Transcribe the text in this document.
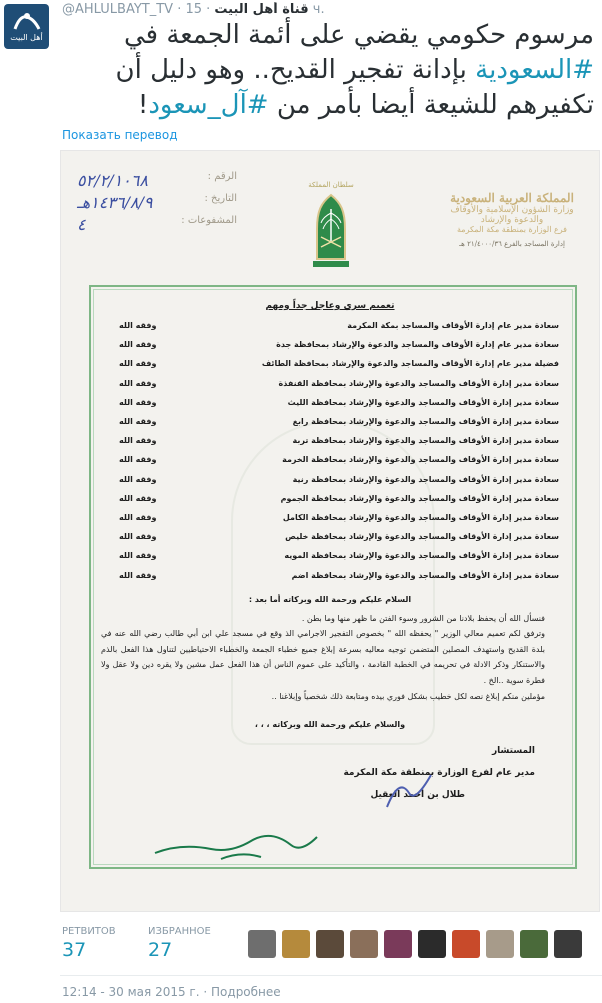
أهل البيت
@AHLULBAYT_TV · قناة أهل البيت · 15 ч.
مرسوم حكومي يقضي على أئمة الجمعة في #السعودية بإدانة تفجير القديح.. وهو دليل أن تكفيرهم للشيعة أيضا بأمر من #آل_سعود!
Показать перевод
الرقم :
٥٢/٢/١٠٦٨
التاريخ :
١٤٣٦/٨/٩هـ
المشفوعات :
٤
سلطان المملكة
المملكة العربية السعودية
وزارة الشؤون الإسلامية والأوقاف
والدعوة والإرشاد
فرع الوزارة بمنطقة مكة المكرمة
إدارة المساجد بالفرع ٢١/٤٠٠٠/٣٦ هـ
تعميم سري وعاجل جداً ومهم
سعادة مدير عام إدارة الأوقاف والمساجد بمكة المكرمة
وفقه الله
سعادة مدير عام إدارة الأوقاف والمساجد والدعوة والإرشاد بمحافظة جدة
وفقه الله
فضيلة مدير عام إدارة الأوقاف والمساجد والدعوة والإرشاد بمحافظة الطائف
وفقه الله
سعادة مدير إدارة الأوقاف والمساجد والدعوة والإرشاد بمحافظة القنفذة
وفقه الله
سعادة مدير إدارة الأوقاف والمساجد والدعوة والإرشاد بمحافظة الليث
وفقه الله
سعادة مدير إدارة الأوقاف والمساجد والدعوة والإرشاد بمحافظة رابغ
وفقه الله
سعادة مدير إدارة الأوقاف والمساجد والدعوة والإرشاد بمحافظة تربة
وفقه الله
سعادة مدير إدارة الأوقاف والمساجد والدعوة والإرشاد بمحافظة الخرمة
وفقه الله
سعادة مدير إدارة الأوقاف والمساجد والدعوة والإرشاد بمحافظة رنية
وفقه الله
سعادة مدير إدارة الأوقاف والمساجد والدعوة والإرشاد بمحافظة الجموم
وفقه الله
سعادة مدير إدارة الأوقاف والمساجد والدعوة والإرشاد بمحافظة الكامل
وفقه الله
سعادة مدير إدارة الأوقاف والمساجد والدعوة والإرشاد بمحافظة خليص
وفقه الله
سعادة مدير إدارة الأوقاف والمساجد والدعوة والإرشاد بمحافظة المويه
وفقه الله
سعادة مدير إدارة الأوقاف والمساجد والدعوة والإرشاد بمحافظة اضم
وفقه الله
السلام عليكم ورحمة الله وبركاته أما بعد :
فنسأل الله أن يحفظ بلادنا من الشرور وسوء الفتن ما ظهر منها وما بطن .
وترفق لكم تعميم معالي الوزير " يحفظه الله " بخصوص التفجير الاجرامي الذ وقع في مسجد علي ابن أبي طالب رضي الله عنه في بلدة القديح واستهدف المصلين المتضمن توجيه معاليه بسرعة إبلاغ جميع خطباء الجمعة والخطباء الاحتياطيين لتناول هذا الفعل بالذم والاستنكار وذكر الادلة في تحريمه في الخطبة القادمة ، والتأكيد على عموم الناس أن هذا الفعل عمل مشين ولا يقره دين ولا عقل ولا فطرة سوية ..الخ .
مؤملين منكم إبلاغ نصه لكل خطيب بشكل فوري بيده ومتابعة ذلك شخصياً وإبلاغنا ..
والسلام عليكم ورحمة الله وبركاته ، ، ،
المستشار
مدير عام لفرع الوزارة بمنطقة مكة المكرمة
طلال بن أحمد العقيل
РЕТВИТОВ
37
ИЗБРАННОЕ
27
12:14 - 30 мая 2015 г. · Подробнее
